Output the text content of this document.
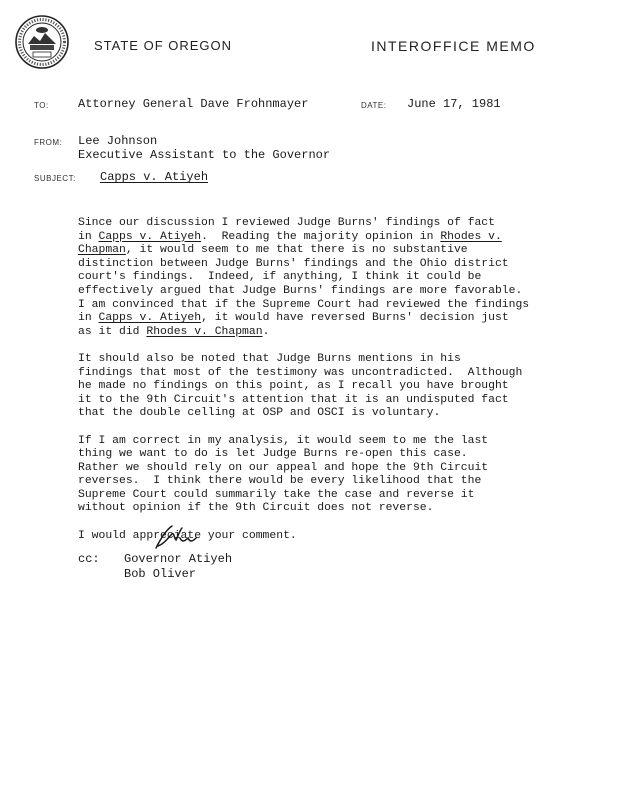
STATE OF OREGON	INTEROFFICE MEMO
TO: Attorney General Dave Frohnmayer	DATE: June 17, 1981
FROM: Lee Johnson
Executive Assistant to the Governor
SUBJECT: Capps v. Atiyeh

Since our discussion I reviewed Judge Burns' findings of fact
in Capps v. Atiyeh.  Reading the majority opinion in Rhodes v.
Chapman, it would seem to me that there is no substantive
distinction between Judge Burns' findings and the Ohio district
court's findings.  Indeed, if anything, I think it could be
effectively argued that Judge Burns' findings are more favorable.
I am convinced that if the Supreme Court had reviewed the findings
in Capps v. Atiyeh, it would have reversed Burns' decision just
as it did Rhodes v. Chapman.

It should also be noted that Judge Burns mentions in his
findings that most of the testimony was uncontradicted.  Although
he made no findings on this point, as I recall you have brought
it to the 9th Circuit's attention that it is an undisputed fact
that the double celling at OSP and OSCI is voluntary.

If I am correct in my analysis, it would seem to me the last
thing we want to do is let Judge Burns re-open this case.
Rather we should rely on our appeal and hope the 9th Circuit
reverses.  I think there would be every likelihood that the
Supreme Court could summarily take the case and reverse it
without opinion if the 9th Circuit does not reverse.

I would appreciate your comment.

cc: Governor Atiyeh
Bob Oliver
